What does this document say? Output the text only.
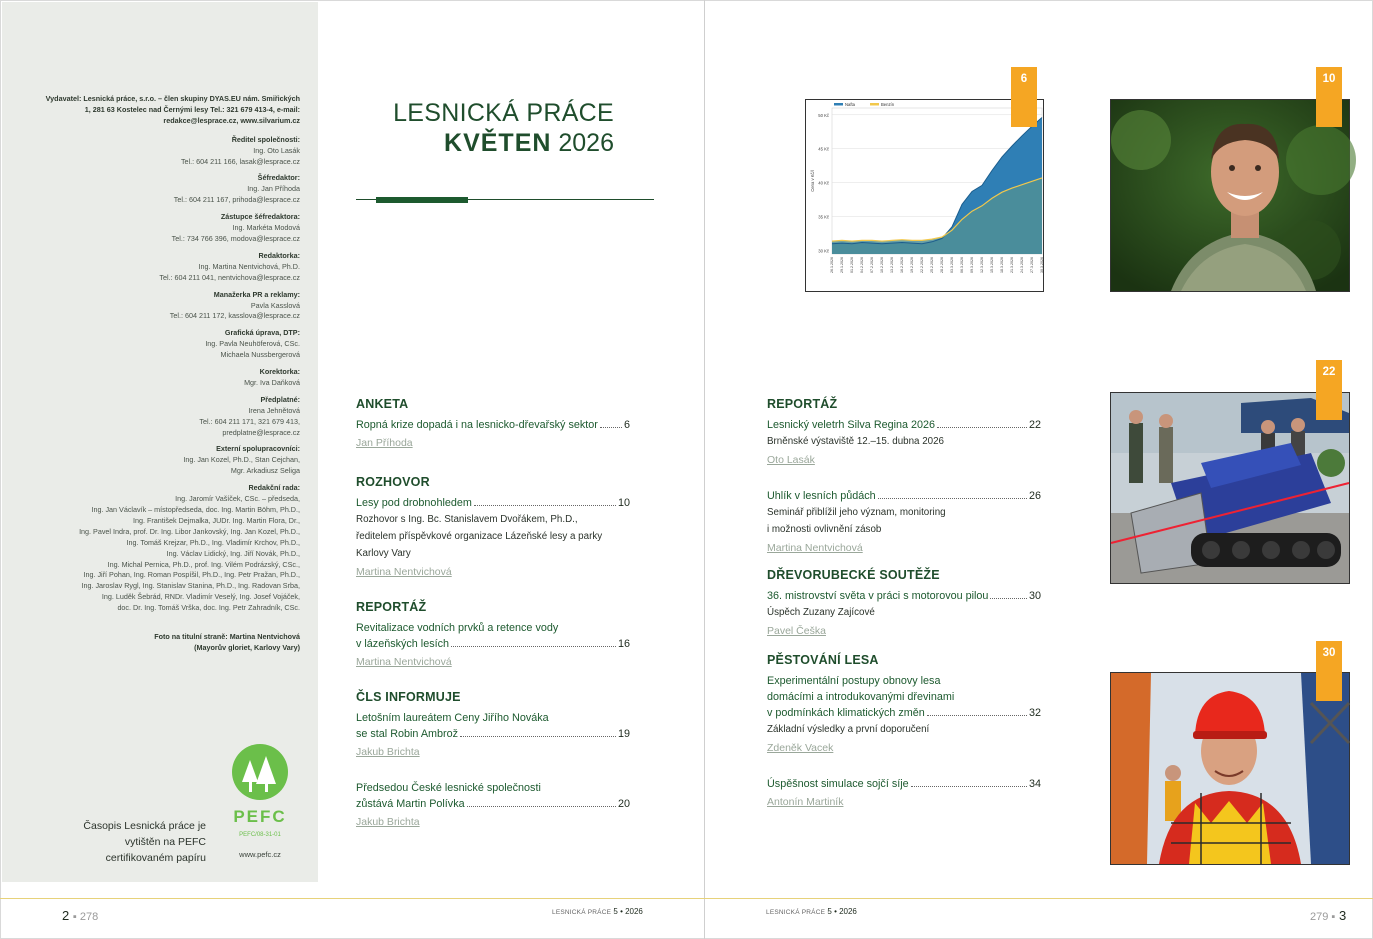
Vydavatel: Lesnická práce, s.r.o. – člen skupiny DYAS.EU nám. Smiřických 1, 281 63 Kostelec nad Černými lesy Tel.: 321 679 413-4, e-mail: redakce@lesprace.cz, www.silvarium.cz
Ředitel společnosti:
Ing. Oto Lasák
Tel.: 604 211 166, lasak@lesprace.cz
Šéfredaktor:
Ing. Jan Příhoda
Tel.: 604 211 167, prihoda@lesprace.cz
Zástupce šéfredaktora:
Ing. Markéta Modová
Tel.: 734 766 396, modova@lesprace.cz
Redaktorka:
Ing. Martina Nentvichová, Ph.D.
Tel.: 604 211 041, nentvichova@lesprace.cz
Manažerka PR a reklamy:
Pavla Kasslová
Tel.: 604 211 172, kasslova@lesprace.cz
Grafická úprava, DTP:
Ing. Pavla Neuhöferová, CSc.
Michaela Nussbergerová
Korektorka:
Mgr. Iva Daňková
Předplatné:
Irena Jehnětová
Tel.: 604 211 171, 321 679 413,
predplatne@lesprace.cz
Externí spolupracovníci:
Ing. Jan Kozel, Ph.D., Stan Cejchan,
Mgr. Arkadiusz Seliga
Redakční rada:
Ing. Jaromír Vašíček, CSc. – předseda,
Ing. Jan Václavík – místopředseda, doc. Ing. Martin Böhm, Ph.D.,
Ing. František Dejmalka, JUDr. Ing. Martin Flora, Dr.,
Ing. Pavel Indra, prof. Dr. Ing. Libor Jankovský, Ing. Jan Kozel, Ph.D.,
Ing. Tomáš Krejzar, Ph.D., Ing. Vladimír Krchov, Ph.D.,
Ing. Václav Lidický, Ing. Jiří Novák, Ph.D.,
Ing. Michal Pernica, Ph.D., prof. Ing. Vilém Podrázský, CSc.,
Ing. Jiří Pohan, Ing. Roman Pospíšil, Ph.D., Ing. Petr Pražan, Ph.D.,
Ing. Jaroslav Rygl, Ing. Stanislav Stanina, Ph.D., Ing. Radovan Srba,
Ing. Luděk Šebrád, RNDr. Vladimír Veselý, Ing. Josef Vojáček,
doc. Dr. Ing. Tomáš Vrška, doc. Ing. Petr Zahradník, CSc.
Foto na titulní straně: Martina Nentvichová
(Mayorův gloriet, Karlovy Vary)
Časopis Lesnická práce je vytištěn na PEFC certifikovaném papíru
PEFC
PEFC/08-31-01
www.pefc.cz
LESNICKÁ PRÁCE
KVĚTEN 2026
ANKETA
Ropná krize dopadá i na lesnicko-dřevařský sektor 6
Jan Příhoda
ROZHOVOR
Lesy pod drobnohledem	10
Rozhovor s Ing. Bc. Stanislavem Dvořákem, Ph.D.,
ředitelem příspěvkové organizace Lázeňské lesy a parky
Karlovy Vary
Martina Nentvichová
REPORTÁŽ
Revitalizace vodních prvků a retence vody
v lázeňských lesích	16
Martina Nentvichová
ČLS INFORMUJE
Letošním laureátem Ceny Jiřího Nováka
se stal Robin Ambrož	19
Jakub Brichta
Předsedou České lesnické společnosti
zůstává Martin Polívka	20
Jakub Brichta
REPORTÁŽ
Lesnický veletrh Silva Regina 2026	22
Brněnské výstaviště 12.–15. dubna 2026
Oto Lasák
Uhlík v lesních půdách	26
Seminář přiblížil jeho význam, monitoring
i možnosti ovlivnění zásob
Martina Nentvichová
DŘEVORUBECKÉ SOUTĚŽE
36. mistrovství světa v práci s motorovou pilou	30
Úspěch Zuzany Zajícové
Pavel Češka
PĚSTOVÁNÍ LESA
Experimentální postupy obnovy lesa
domácími a introdukovanými dřevinami
v podmínkách klimatických změn	32
Základní výsledky a první doporučení
Zdeněk Vacek
Úspěšnost simulace sojčí síje	34
Antonín Martiník
30 Kč
35 Kč
40 Kč
45 Kč
50 Kč
Cena v Kč/l
26.1.2026 29.1.2026 01.2.2026 04.2.2026 07.2.2026 10.2.2026 13.2.2026 16.2.2026 19.2.2026 22.2.2026 25.2.2026 28.2.2026 03.3.2026 06.3.2026 09.3.2026 12.3.2026 15.3.2026 18.3.2026 21.3.2026 24.3.2026 27.3.2026 30.3.2026
Nafta	Benzín
6	10
22
30
2 ▪ 278	LESNICKÁ PRÁCE 5 • 2026	LESNICKÁ PRÁCE 5 • 2026	279 ▪ 3
